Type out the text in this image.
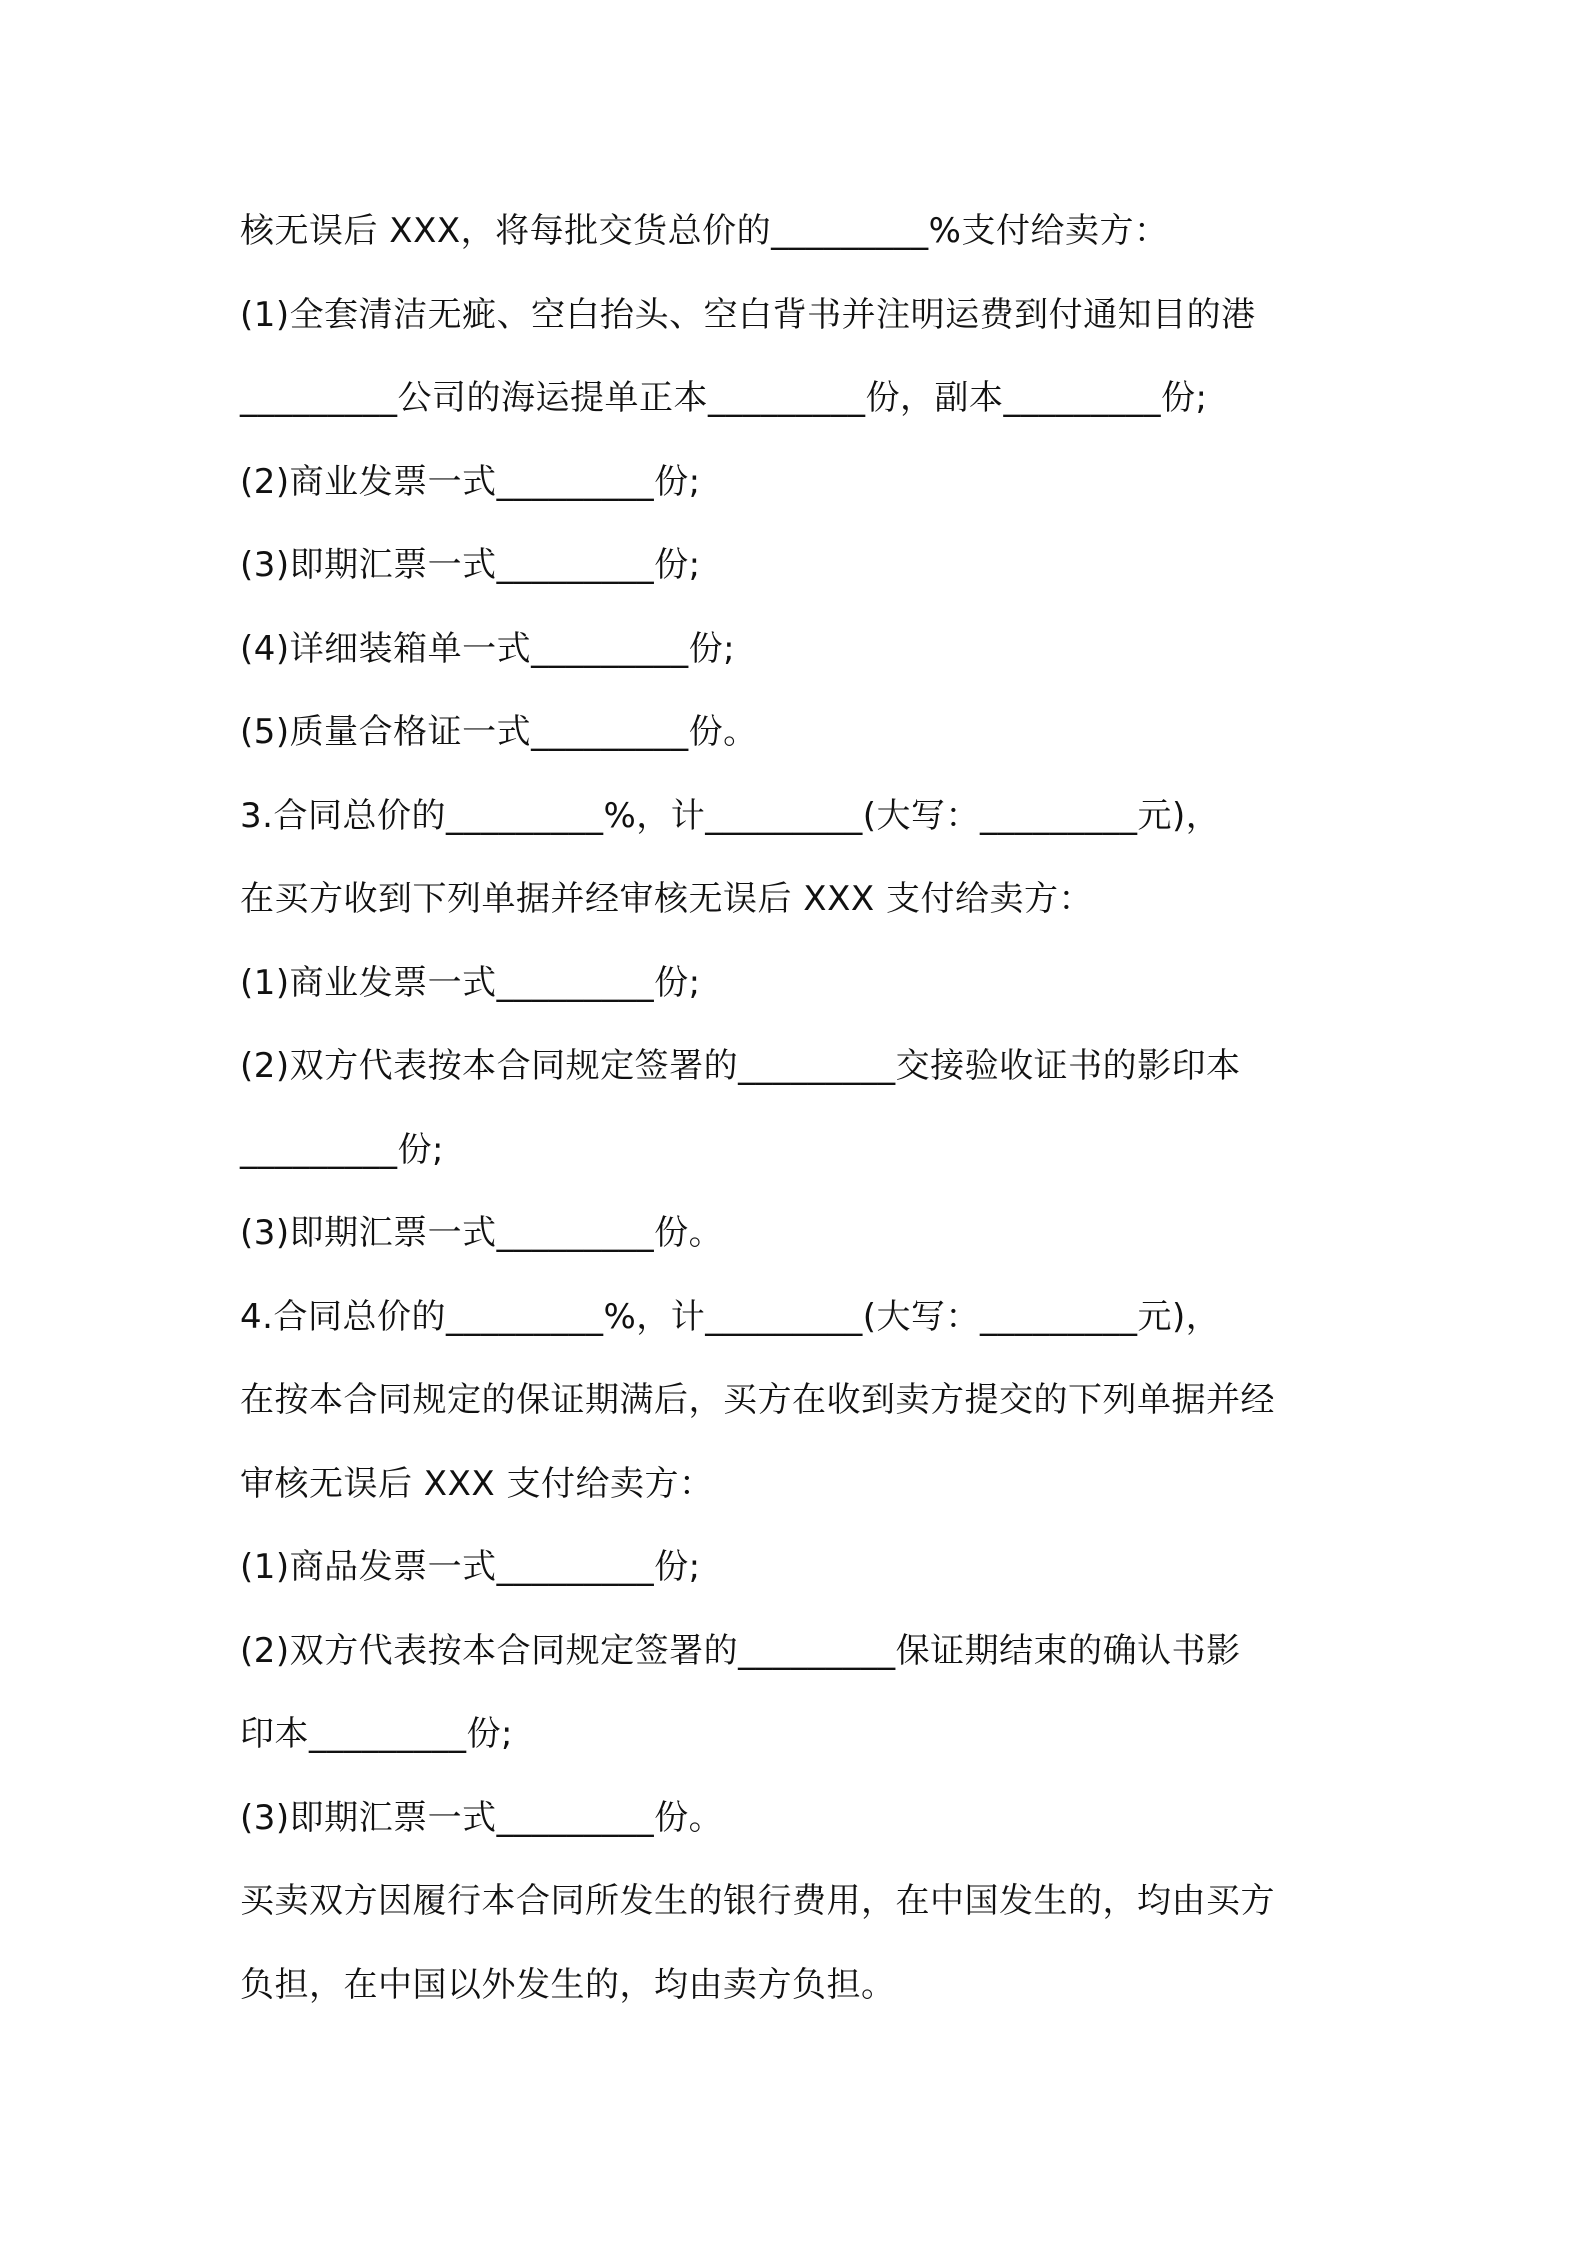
核无误后 XXX，将每批交货总价的_________%支付给卖方：
(1)全套清洁无疵、空白抬头、空白背书并注明运费到付通知目的港
_________公司的海运提单正本_________份，副本_________份;
(2)商业发票一式_________份;
(3)即期汇票一式_________份;
(4)详细装箱单一式_________份;
(5)质量合格证一式_________份。
3.合同总价的_________%，计_________(大写：_________元)，
在买方收到下列单据并经审核无误后 XXX 支付给卖方：
(1)商业发票一式_________份;
(2)双方代表按本合同规定签署的_________交接验收证书的影印本
_________份;
(3)即期汇票一式_________份。
4.合同总价的_________%，计_________(大写：_________元)，
在按本合同规定的保证期满后，买方在收到卖方提交的下列单据并经
审核无误后 XXX 支付给卖方：
(1)商品发票一式_________份;
(2)双方代表按本合同规定签署的_________保证期结束的确认书影
印本_________份;
(3)即期汇票一式_________份。
买卖双方因履行本合同所发生的银行费用，在中国发生的，均由买方
负担，在中国以外发生的，均由卖方负担。
